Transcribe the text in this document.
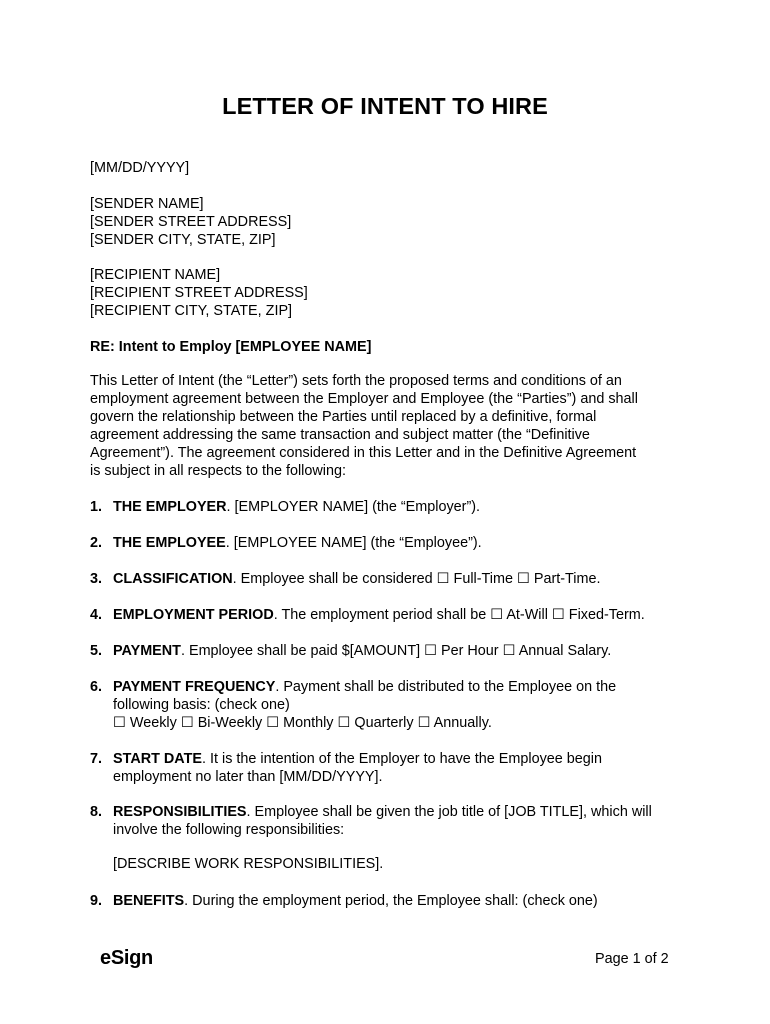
LETTER OF INTENT TO HIRE
[MM/DD/YYYY]
[SENDER NAME]
[SENDER STREET ADDRESS]
[SENDER CITY, STATE, ZIP]
[RECIPIENT NAME]
[RECIPIENT STREET ADDRESS]
[RECIPIENT CITY, STATE, ZIP]
RE: Intent to Employ [EMPLOYEE NAME]
This Letter of Intent (the “Letter”) sets forth the proposed terms and conditions of an
employment agreement between the Employer and Employee (the “Parties”) and shall
govern the relationship between the Parties until replaced by a definitive, formal
agreement addressing the same transaction and subject matter (the “Definitive
Agreement”). The agreement considered in this Letter and in the Definitive Agreement
is subject in all respects to the following:
1. THE EMPLOYER. [EMPLOYER NAME] (the “Employer”).
2. THE EMPLOYEE. [EMPLOYEE NAME] (the “Employee”).
3. CLASSIFICATION. Employee shall be considered ☐ Full-Time ☐ Part-Time.
4. EMPLOYMENT PERIOD. The employment period shall be ☐ At-Will ☐ Fixed-Term.
5. PAYMENT. Employee shall be paid $[AMOUNT] ☐ Per Hour ☐ Annual Salary.
6. PAYMENT FREQUENCY. Payment shall be distributed to the Employee on the
following basis: (check one)
☐ Weekly ☐ Bi-Weekly ☐ Monthly ☐ Quarterly ☐ Annually.
7. START DATE. It is the intention of the Employer to have the Employee begin
employment no later than [MM/DD/YYYY].
8. RESPONSIBILITIES. Employee shall be given the job title of [JOB TITLE], which will
involve the following responsibilities:
[DESCRIBE WORK RESPONSIBILITIES].
9. BENEFITS. During the employment period, the Employee shall: (check one)
eSign	Page 1 of 2
